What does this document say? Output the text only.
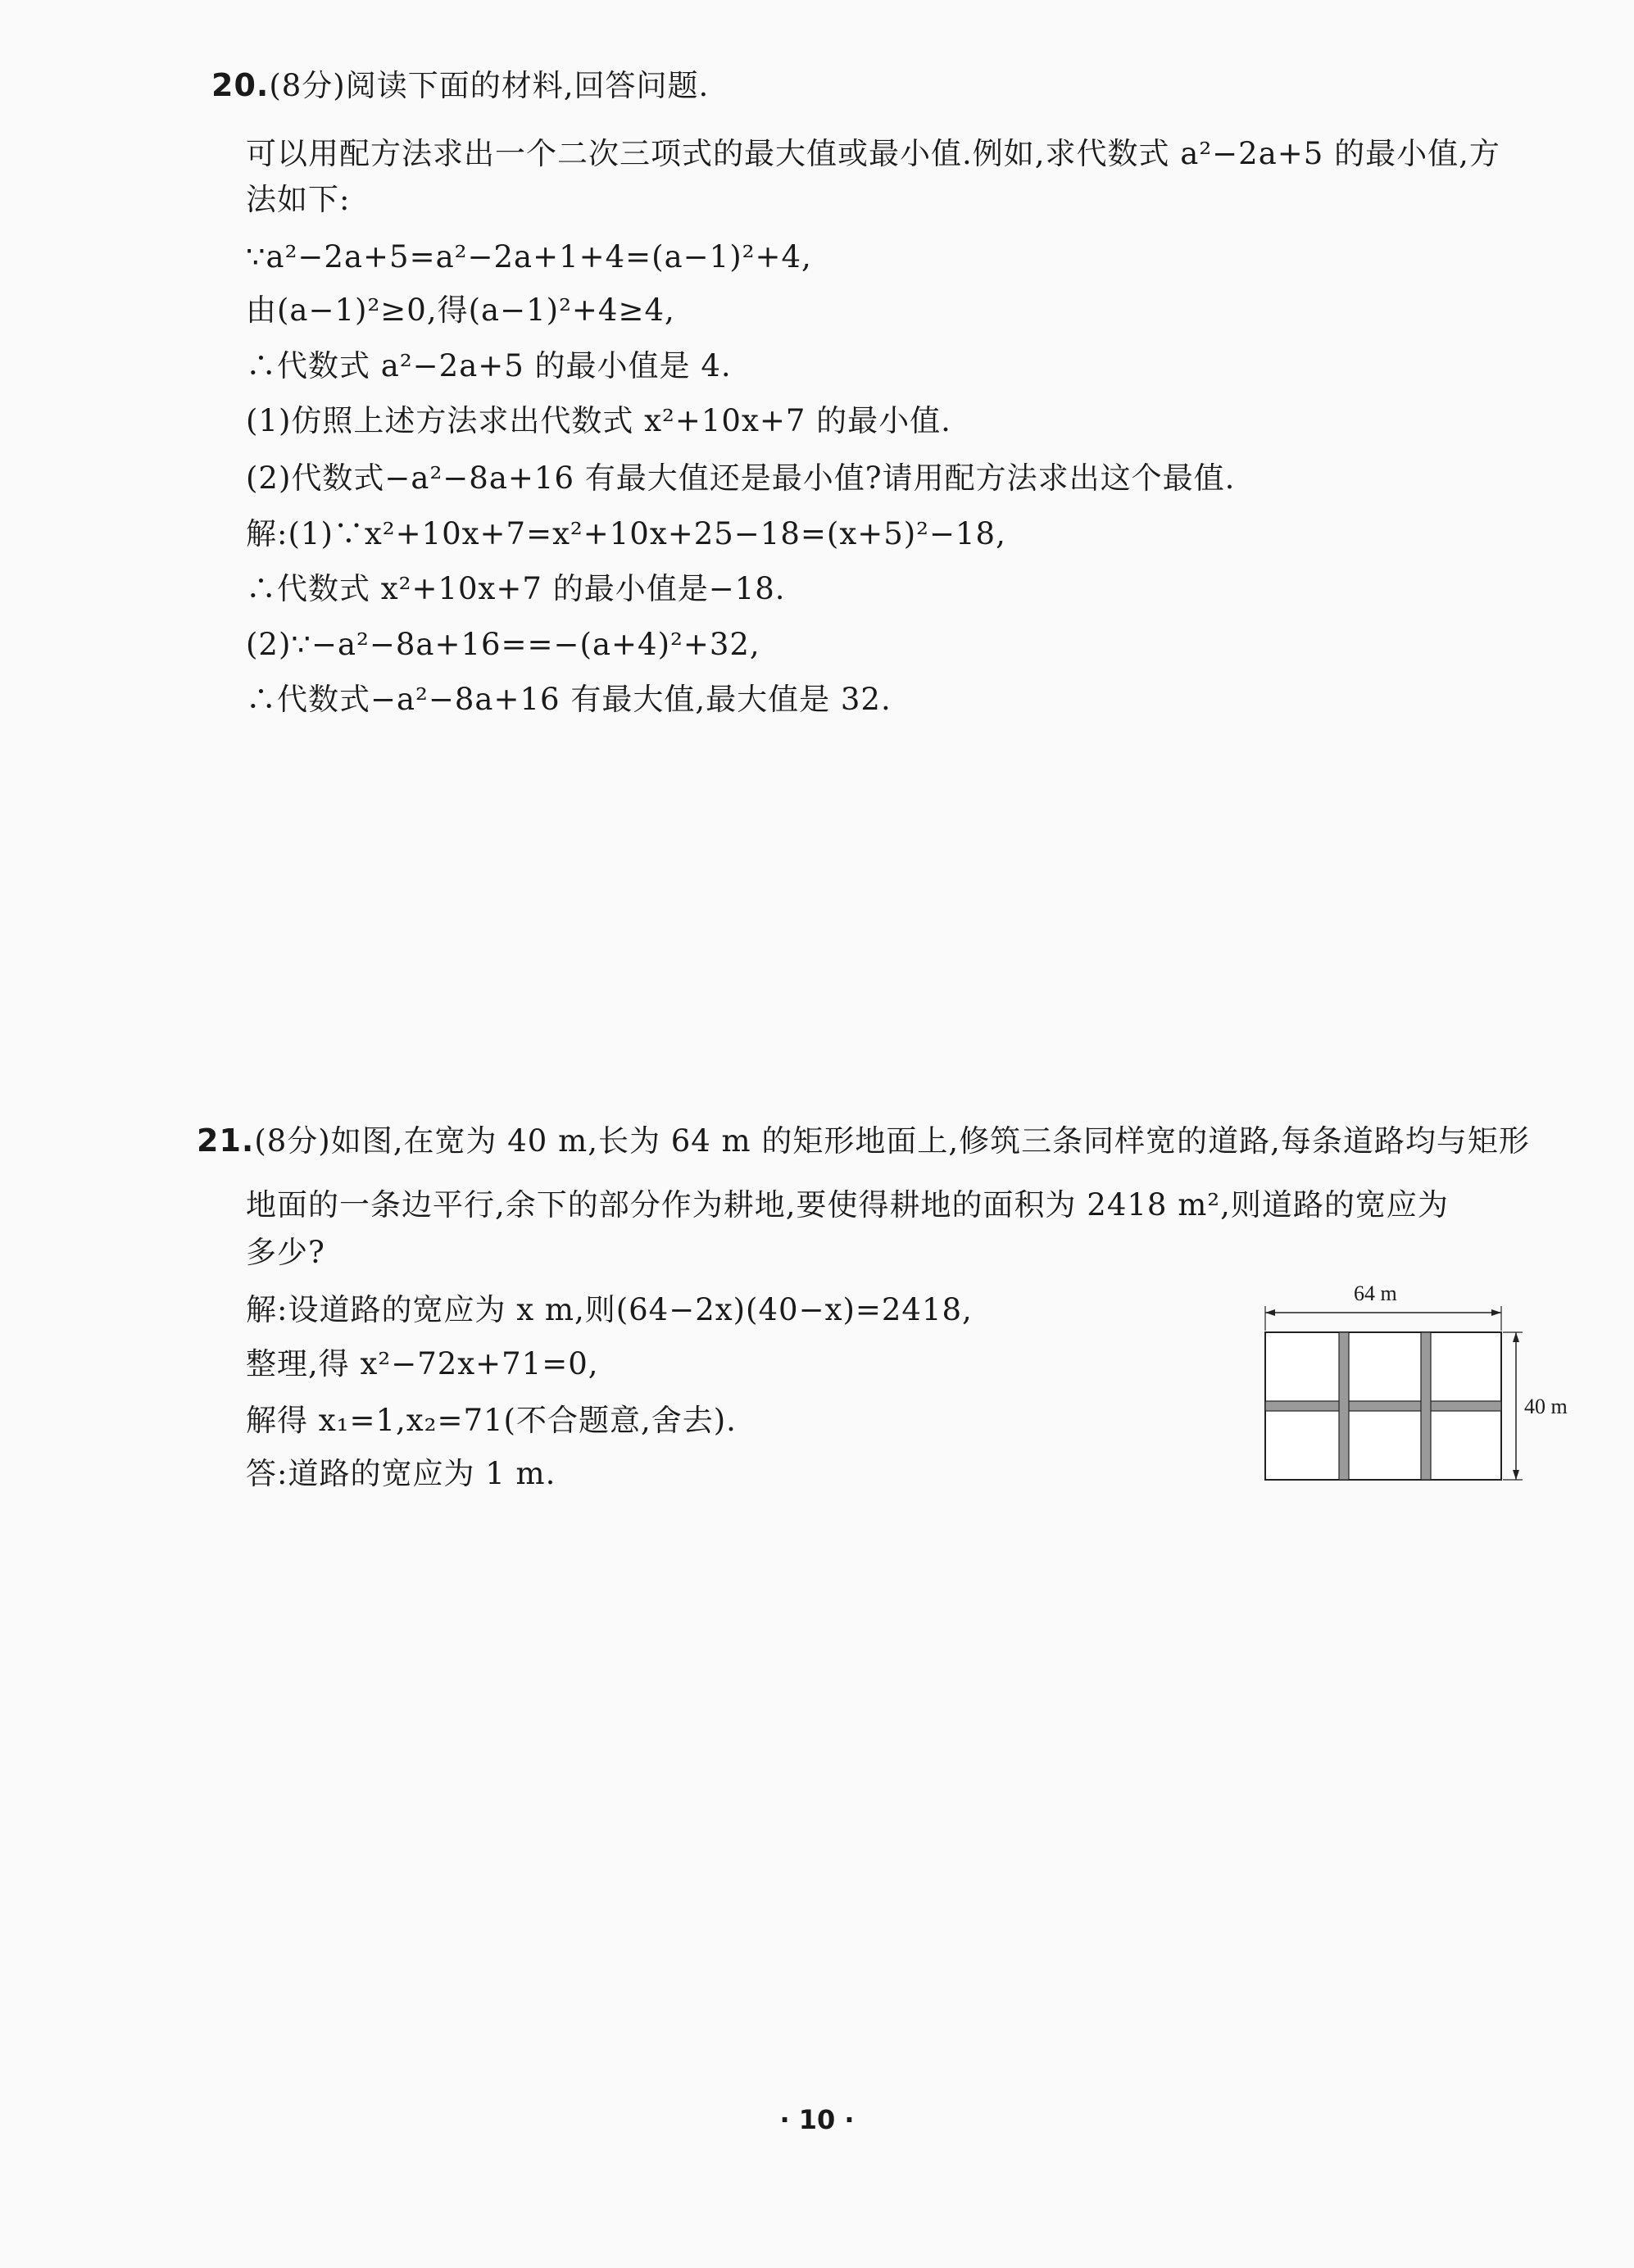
20.(8分)阅读下面的材料,回答问题.
可以用配方法求出一个二次三项式的最大值或最小值.例如,求代数式 a²−2a+5 的最小值,方
法如下:
∵a²−2a+5=a²−2a+1+4=(a−1)²+4,
由(a−1)²≥0,得(a−1)²+4≥4,
∴代数式 a²−2a+5 的最小值是 4.
(1)仿照上述方法求出代数式 x²+10x+7 的最小值.
(2)代数式−a²−8a+16 有最大值还是最小值?请用配方法求出这个最值.
解:(1)∵x²+10x+7=x²+10x+25−18=(x+5)²−18,
∴代数式 x²+10x+7 的最小值是−18.
(2)∵−a²−8a+16==−(a+4)²+32,
∴代数式−a²−8a+16 有最大值,最大值是 32.
21.(8分)如图,在宽为 40 m,长为 64 m 的矩形地面上,修筑三条同样宽的道路,每条道路均与矩形
地面的一条边平行,余下的部分作为耕地,要使得耕地的面积为 2418 m²,则道路的宽应为
多少?
解:设道路的宽应为 x m,则(64−2x)(40−x)=2418,
整理,得 x²−72x+71=0,
解得 x₁=1,x₂=71(不合题意,舍去).
答:道路的宽应为 1 m.
64 m
40 m
· 10 ·
